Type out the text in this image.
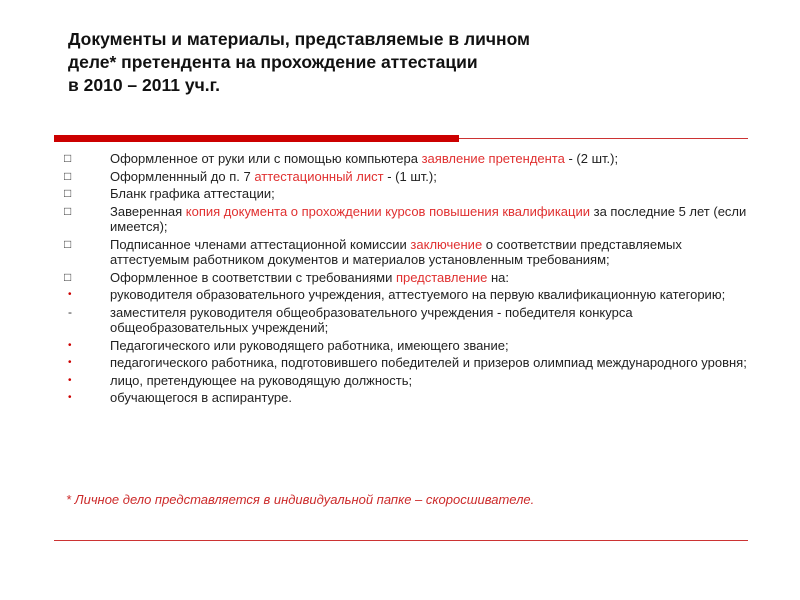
Документы и материалы, представляемые в личном
деле* претендента на прохождение аттестации
в 2010 – 2011 уч.г.
□	Оформленное от руки или с помощью компьютера заявление претендента - (2 шт.);
□	Оформленнный до п. 7 аттестационный лист - (1 шт.);
□	Бланк графика аттестации;
□	Заверенная копия документа о прохождении курсов повышения квалификации за последние 5 лет (если имеется);
□	Подписанное членами аттестационной комиссии заключение о соответствии представляемых аттестуемым работником документов и материалов установленным требованиям;
□	Оформленное в соответствии с требованиями представление на:
•	руководителя образовательного учреждения, аттестуемого на первую квалификационную категорию;
-	заместителя руководителя общеобразовательного учреждения - победителя конкурса общеобразовательных учреждений;
•	Педагогического или руководящего работника, имеющего звание;
•	педагогического работника, подготовившего победителей и призеров олимпиад международного уровня;
•	лицо, претендующее на руководящую должность;
•	обучающегося в аспирантуре.
* Личное дело представляется в индивидуальной папке – скоросшивателе.
